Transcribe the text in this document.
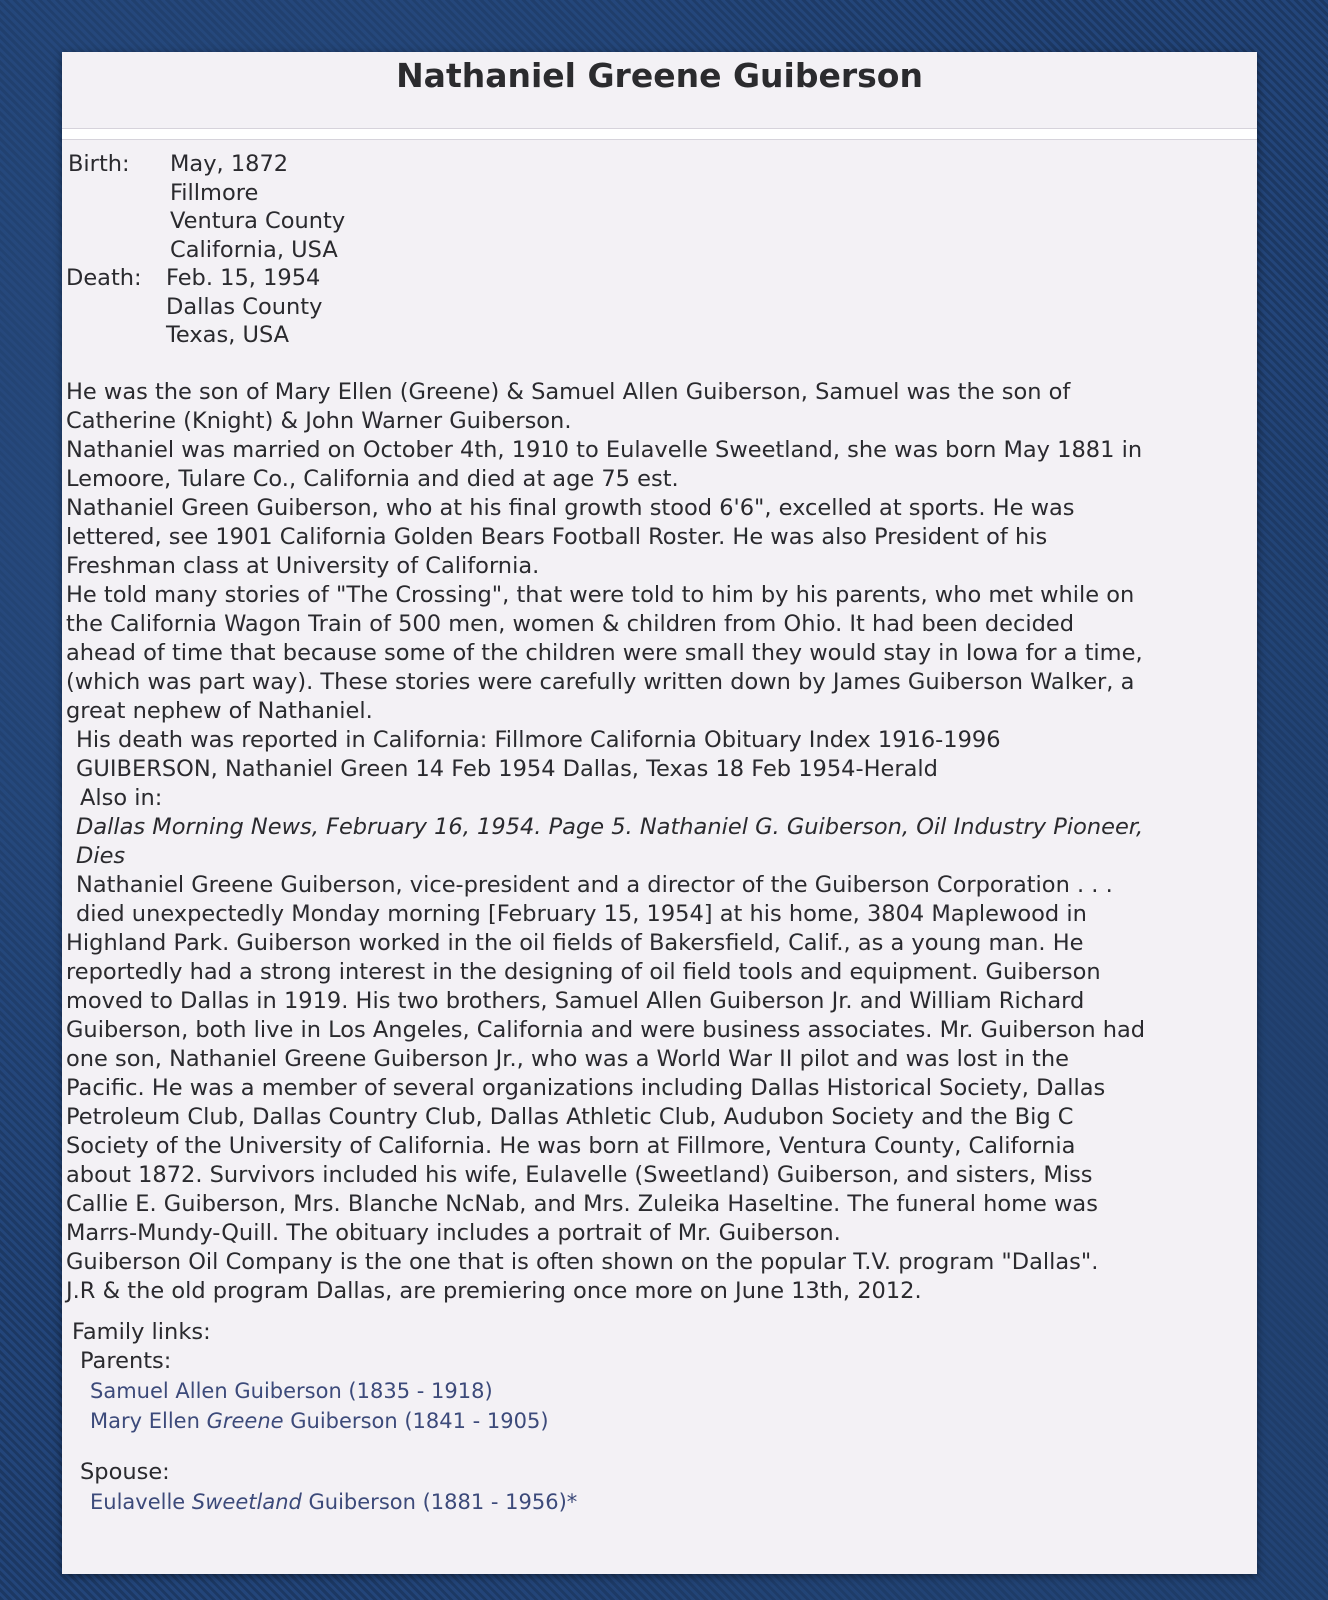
Nathaniel Greene Guiberson
Birth:	May, 1872
Fillmore
Ventura County
California, USA
Death:	Feb. 15, 1954
Dallas County
Texas, USA

He was the son of Mary Ellen (Greene) & Samuel Allen Guiberson, Samuel was the son of

Catherine (Knight) & John Warner Guiberson.

Nathaniel was married on October 4th, 1910 to Eulavelle Sweetland, she was born May 1881 in

Lemoore, Tulare Co., California and died at age 75 est.

Nathaniel Green Guiberson, who at his final growth stood 6'6", excelled at sports. He was

lettered, see 1901 California Golden Bears Football Roster. He was also President of his

Freshman class at University of California.

He told many stories of "The Crossing", that were told to him by his parents, who met while on

the California Wagon Train of 500 men, women & children from Ohio. It had been decided

ahead of time that because some of the children were small they would stay in Iowa for a time,

(which was part way). These stories were carefully written down by James Guiberson Walker, a

great nephew of Nathaniel.

His death was reported in California: Fillmore California Obituary Index 1916-1996

GUIBERSON, Nathaniel Green 14 Feb 1954 Dallas, Texas 18 Feb 1954-Herald

Also in:

Dallas Morning News, February 16, 1954. Page 5. Nathaniel G. Guiberson, Oil Industry Pioneer,

Dies

Nathaniel Greene Guiberson, vice-president and a director of the Guiberson Corporation . . .

died unexpectedly Monday morning [February 15, 1954] at his home, 3804 Maplewood in

Highland Park. Guiberson worked in the oil fields of Bakersfield, Calif., as a young man. He

reportedly had a strong interest in the designing of oil field tools and equipment. Guiberson

moved to Dallas in 1919. His two brothers, Samuel Allen Guiberson Jr. and William Richard

Guiberson, both live in Los Angeles, California and were business associates. Mr. Guiberson had

one son, Nathaniel Greene Guiberson Jr., who was a World War II pilot and was lost in the

Pacific. He was a member of several organizations including Dallas Historical Society, Dallas

Petroleum Club, Dallas Country Club, Dallas Athletic Club, Audubon Society and the Big C

Society of the University of California. He was born at Fillmore, Ventura County, California

about 1872. Survivors included his wife, Eulavelle (Sweetland) Guiberson, and sisters, Miss

Callie E. Guiberson, Mrs. Blanche NcNab, and Mrs. Zuleika Haseltine. The funeral home was

Marrs-Mundy-Quill. The obituary includes a portrait of Mr. Guiberson.

Guiberson Oil Company is the one that is often shown on the popular T.V. program "Dallas".

J.R & the old program Dallas, are premiering once more on June 13th, 2012.

Family links:

Parents:

Samuel Allen Guiberson (1835 - 1918)

Mary Ellen Greene Guiberson (1841 - 1905)

Spouse:

Eulavelle Sweetland Guiberson (1881 - 1956)*
